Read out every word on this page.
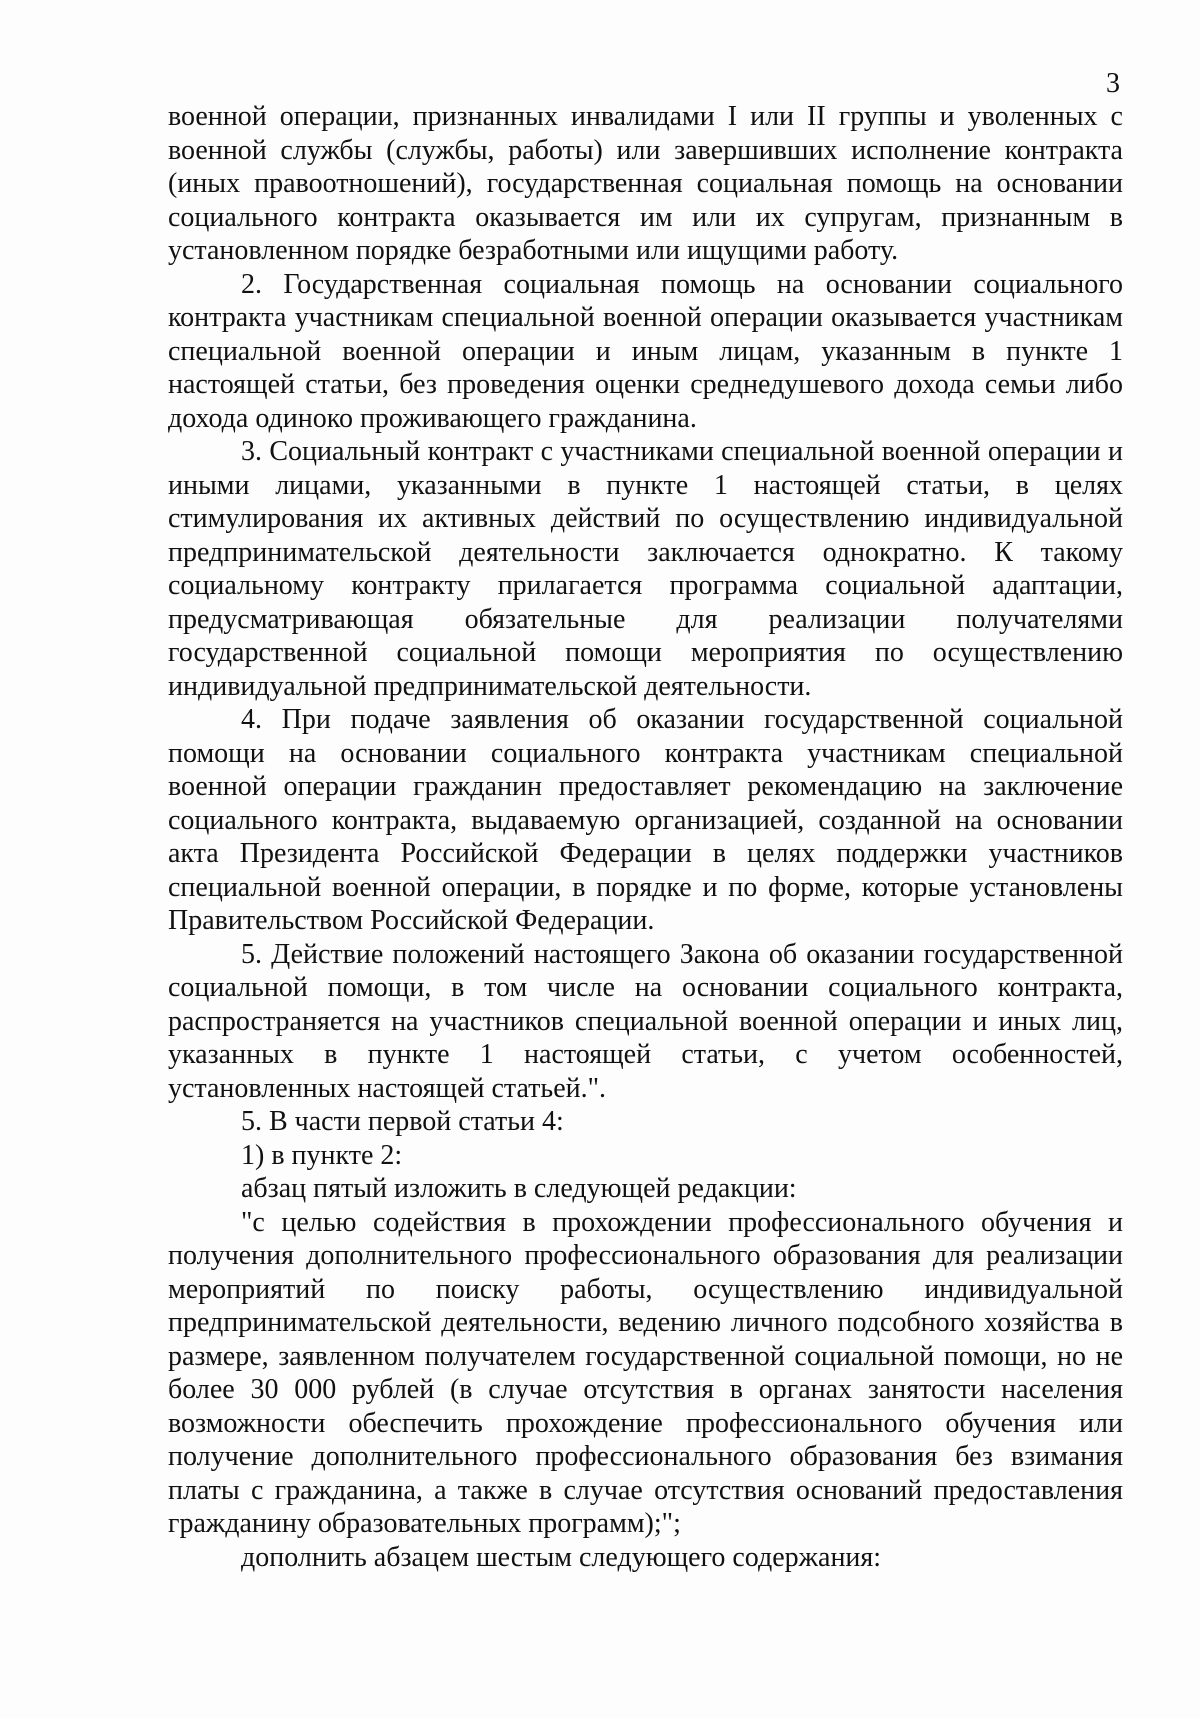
3

военной операции, признанных инвалидами I или II группы и уволенных с военной службы (службы, работы) или завершивших исполнение контракта (иных правоотношений), государственная социальная помощь на основании социального контракта оказывается им или их супругам, признанным в установленном порядке безработными или ищущими работу.

2. Государственная социальная помощь на основании социального контракта участникам специальной военной операции оказывается участникам специальной военной операции и иным лицам, указанным в пункте 1 настоящей статьи, без проведения оценки среднедушевого дохода семьи либо дохода одиноко проживающего гражданина.

3. Социальный контракт с участниками специальной военной операции и иными лицами, указанными в пункте 1 настоящей статьи, в целях стимулирования их активных действий по осуществлению индивидуальной предпринимательской деятельности заключается однократно. К такому социальному контракту прилагается программа социальной адаптации, предусматривающая обязательные для реализации получателями государственной социальной помощи мероприятия по осуществлению индивидуальной предпринимательской деятельности.

4. При подаче заявления об оказании государственной социальной помощи на основании социального контракта участникам специальной военной операции гражданин предоставляет рекомендацию на заключение социального контракта, выдаваемую организацией, созданной на основании акта Президента Российской Федерации в целях поддержки участников специальной военной операции, в порядке и по форме, которые установлены Правительством Российской Федерации.

5. Действие положений настоящего Закона об оказании государственной социальной помощи, в том числе на основании социального контракта, распространяется на участников специальной военной операции и иных лиц, указанных в пункте 1 настоящей статьи, с учетом особенностей, установленных настоящей статьей.".

5. В части первой статьи 4:

1) в пункте 2:

абзац пятый изложить в следующей редакции:

"с целью содействия в прохождении профессионального обучения и получения дополнительного профессионального образования для реализации мероприятий по поиску работы, осуществлению индивидуальной предпринимательской деятельности, ведению личного подсобного хозяйства в размере, заявленном получателем государственной социальной помощи, но не более 30 000 рублей (в случае отсутствия в органах занятости населения возможности обеспечить прохождение профессионального обучения или получение дополнительного профессионального образования без взимания платы с гражданина, а также в случае отсутствия оснований предоставления гражданину образовательных программ);";

дополнить абзацем шестым следующего содержания:
